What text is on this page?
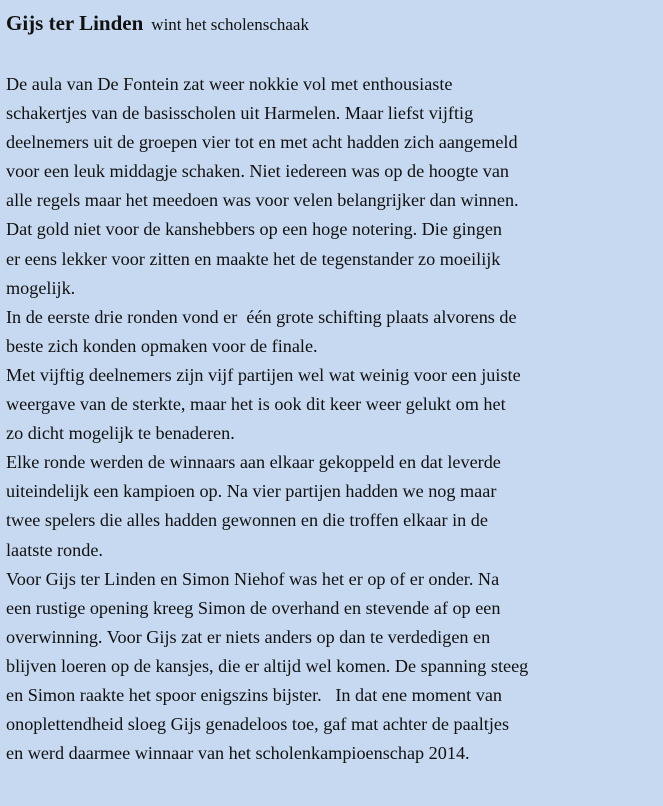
Gijs ter Linden wint het scholenschaak
De aula van De Fontein zat weer nokkie vol met enthousiaste
schakertjes van de basisscholen uit Harmelen. Maar liefst vijftig
deelnemers uit de groepen vier tot en met acht hadden zich aangemeld
voor een leuk middagje schaken. Niet iedereen was op de hoogte van
alle regels maar het meedoen was voor velen belangrijker dan winnen.
Dat gold niet voor de kanshebbers op een hoge notering. Die gingen
er eens lekker voor zitten en maakte het de tegenstander zo moeilijk
mogelijk.
In de eerste drie ronden vond er  één grote schifting plaats alvorens de
beste zich konden opmaken voor de finale.
Met vijftig deelnemers zijn vijf partijen wel wat weinig voor een juiste
weergave van de sterkte, maar het is ook dit keer weer gelukt om het
zo dicht mogelijk te benaderen.
Elke ronde werden de winnaars aan elkaar gekoppeld en dat leverde
uiteindelijk een kampioen op. Na vier partijen hadden we nog maar
twee spelers die alles hadden gewonnen en die troffen elkaar in de
laatste ronde.
Voor Gijs ter Linden en Simon Niehof was het er op of er onder. Na
een rustige opening kreeg Simon de overhand en stevende af op een
overwinning. Voor Gijs zat er niets anders op dan te verdedigen en
blijven loeren op de kansjes, die er altijd wel komen. De spanning steeg
en Simon raakte het spoor enigszins bijster.   In dat ene moment van
onoplettendheid sloeg Gijs genadeloos toe, gaf mat achter de paaltjes
en werd daarmee winnaar van het scholenkampioenschap 2014.
